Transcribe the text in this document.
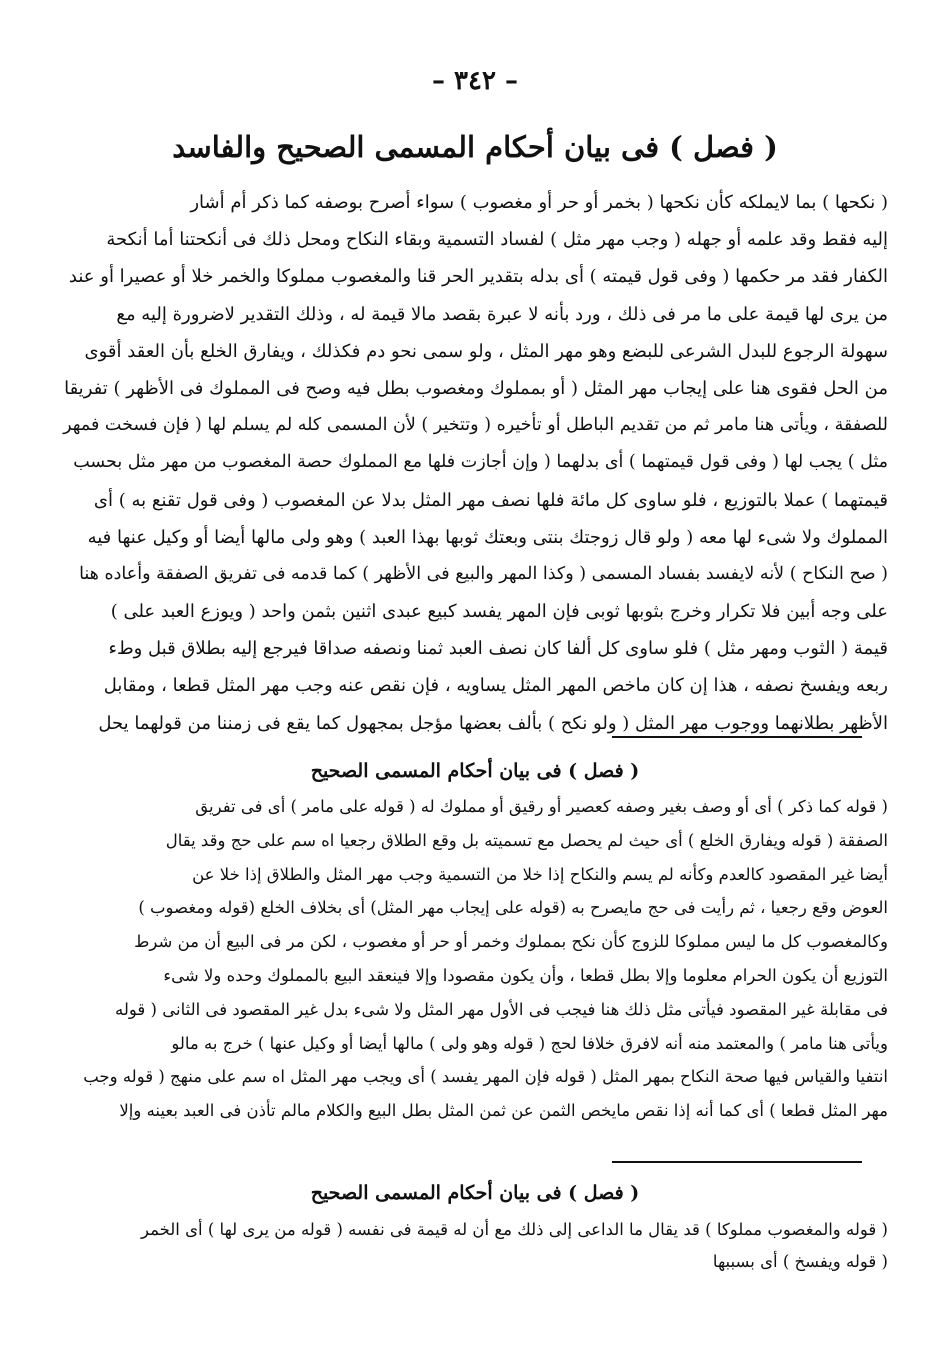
– ٣٤٢ –
( فصل ) فى بيان أحكام المسمى الصحيح والفاسد
( نكحها ) بما لايملكه كأن نكحها ( بخمر أو حر أو مغصوب ) سواء أصرح بوصفه كما ذكر أم أشار
إليه فقط وقد علمه أو جهله ( وجب مهر مثل ) لفساد التسمية وبقاء النكاح ومحل ذلك فى أنكحتنا أما أنكحة
الكفار فقد مر حكمها ( وفى قول قيمته ) أى بدله بتقدير الحر قنا والمغصوب مملوكا والخمر خلا أو عصيرا أو عند
من يرى لها قيمة على ما مر فى ذلك ، ورد بأنه لا عبرة بقصد مالا قيمة له ، وذلك التقدير لاضرورة إليه مع
سهولة الرجوع للبدل الشرعى للبضع وهو مهر المثل ، ولو سمى نحو دم فكذلك ، ويفارق الخلع بأن العقد أقوى
من الحل فقوى هنا على إيجاب مهر المثل ( أو بمملوك ومغصوب بطل فيه وصح فى المملوك فى الأظهر ) تفريقا
للصفقة ، ويأتى هنا مامر ثم من تقديم الباطل أو تأخيره ( وتتخير ) لأن المسمى كله لم يسلم لها ( فإن فسخت فمهر
مثل ) يجب لها ( وفى قول قيمتهما ) أى بدلهما ( وإن أجازت فلها مع المملوك حصة المغصوب من مهر مثل بحسب
قيمتهما ) عملا بالتوزيع ، فلو ساوى كل مائة فلها نصف مهر المثل بدلا عن المغصوب ( وفى قول تقنع به ) أى
المملوك ولا شىء لها معه ( ولو قال زوجتك بنتى وبعتك ثوبها بهذا العبد ) وهو ولى مالها أيضا أو وكيل عنها فيه
( صح النكاح ) لأنه لايفسد بفساد المسمى ( وكذا المهر والبيع فى الأظهر ) كما قدمه فى تفريق الصفقة وأعاده هنا
على وجه أبين فلا تكرار وخرج بثوبها ثوبى فإن المهر يفسد كبيع عبدى اثنين بثمن واحد ( ويوزع العبد على )
قيمة ( الثوب ومهر مثل ) فلو ساوى كل ألفا كان نصف العبد ثمنا ونصفه صداقا فيرجع إليه بطلاق قبل وطء
ربعه ويفسخ نصفه ، هذا إن كان ماخص المهر المثل يساويه ، فإن نقص عنه وجب مهر المثل قطعا ، ومقابل
الأظهر بطلانهما ووجوب مهر المثل ( ولو نكح ) بألف بعضها مؤجل بمجهول كما يقع فى زمننا من قولهما يحل
( فصل ) فى بيان أحكام المسمى الصحيح
( قوله كما ذكر ) أى أو وصف بغير وصفه كعصير أو رقيق أو مملوك له ( قوله على مامر ) أى فى تفريق
الصفقة ( قوله ويفارق الخلع ) أى حيث لم يحصل مع تسميته بل وقع الطلاق رجعيا اه سم على حج وقد يقال
أيضا غير المقصود كالعدم وكأنه لم يسم والنكاح إذا خلا من التسمية وجب مهر المثل والطلاق إذا خلا عن
العوض وقع رجعيا ، ثم رأيت فى حج مايصرح به (قوله على إيجاب مهر المثل) أى بخلاف الخلع (قوله ومغصوب )
وكالمغصوب كل ما ليس مملوكا للزوج كأن نكح بمملوك وخمر أو حر أو مغصوب ، لكن مر فى البيع أن من شرط
التوزيع أن يكون الحرام معلوما وإلا بطل قطعا ، وأن يكون مقصودا وإلا فينعقد البيع بالمملوك وحده ولا شىء
فى مقابلة غير المقصود فيأتى مثل ذلك هنا فيجب فى الأول مهر المثل ولا شىء بدل غير المقصود فى الثانى ( قوله
ويأتى هنا مامر ) والمعتمد منه أنه لافرق خلافا لحج ( قوله وهو ولى ) مالها أيضا أو وكيل عنها ) خرج به مالو
انتفيا والقياس فيها صحة النكاح بمهر المثل ( قوله فإن المهر يفسد ) أى ويجب مهر المثل اه سم على منهج ( قوله وجب
مهر المثل قطعا ) أى كما أنه إذا نقص مايخص الثمن عن ثمن المثل بطل البيع والكلام مالم تأذن فى العبد بعينه وإلا
( فصل ) فى بيان أحكام المسمى الصحيح
( قوله والمغصوب مملوكا ) قد يقال ما الداعى إلى ذلك مع أن له قيمة فى نفسه ( قوله من يرى لها ) أى الخمر
( قوله ويفسخ ) أى بسببها
